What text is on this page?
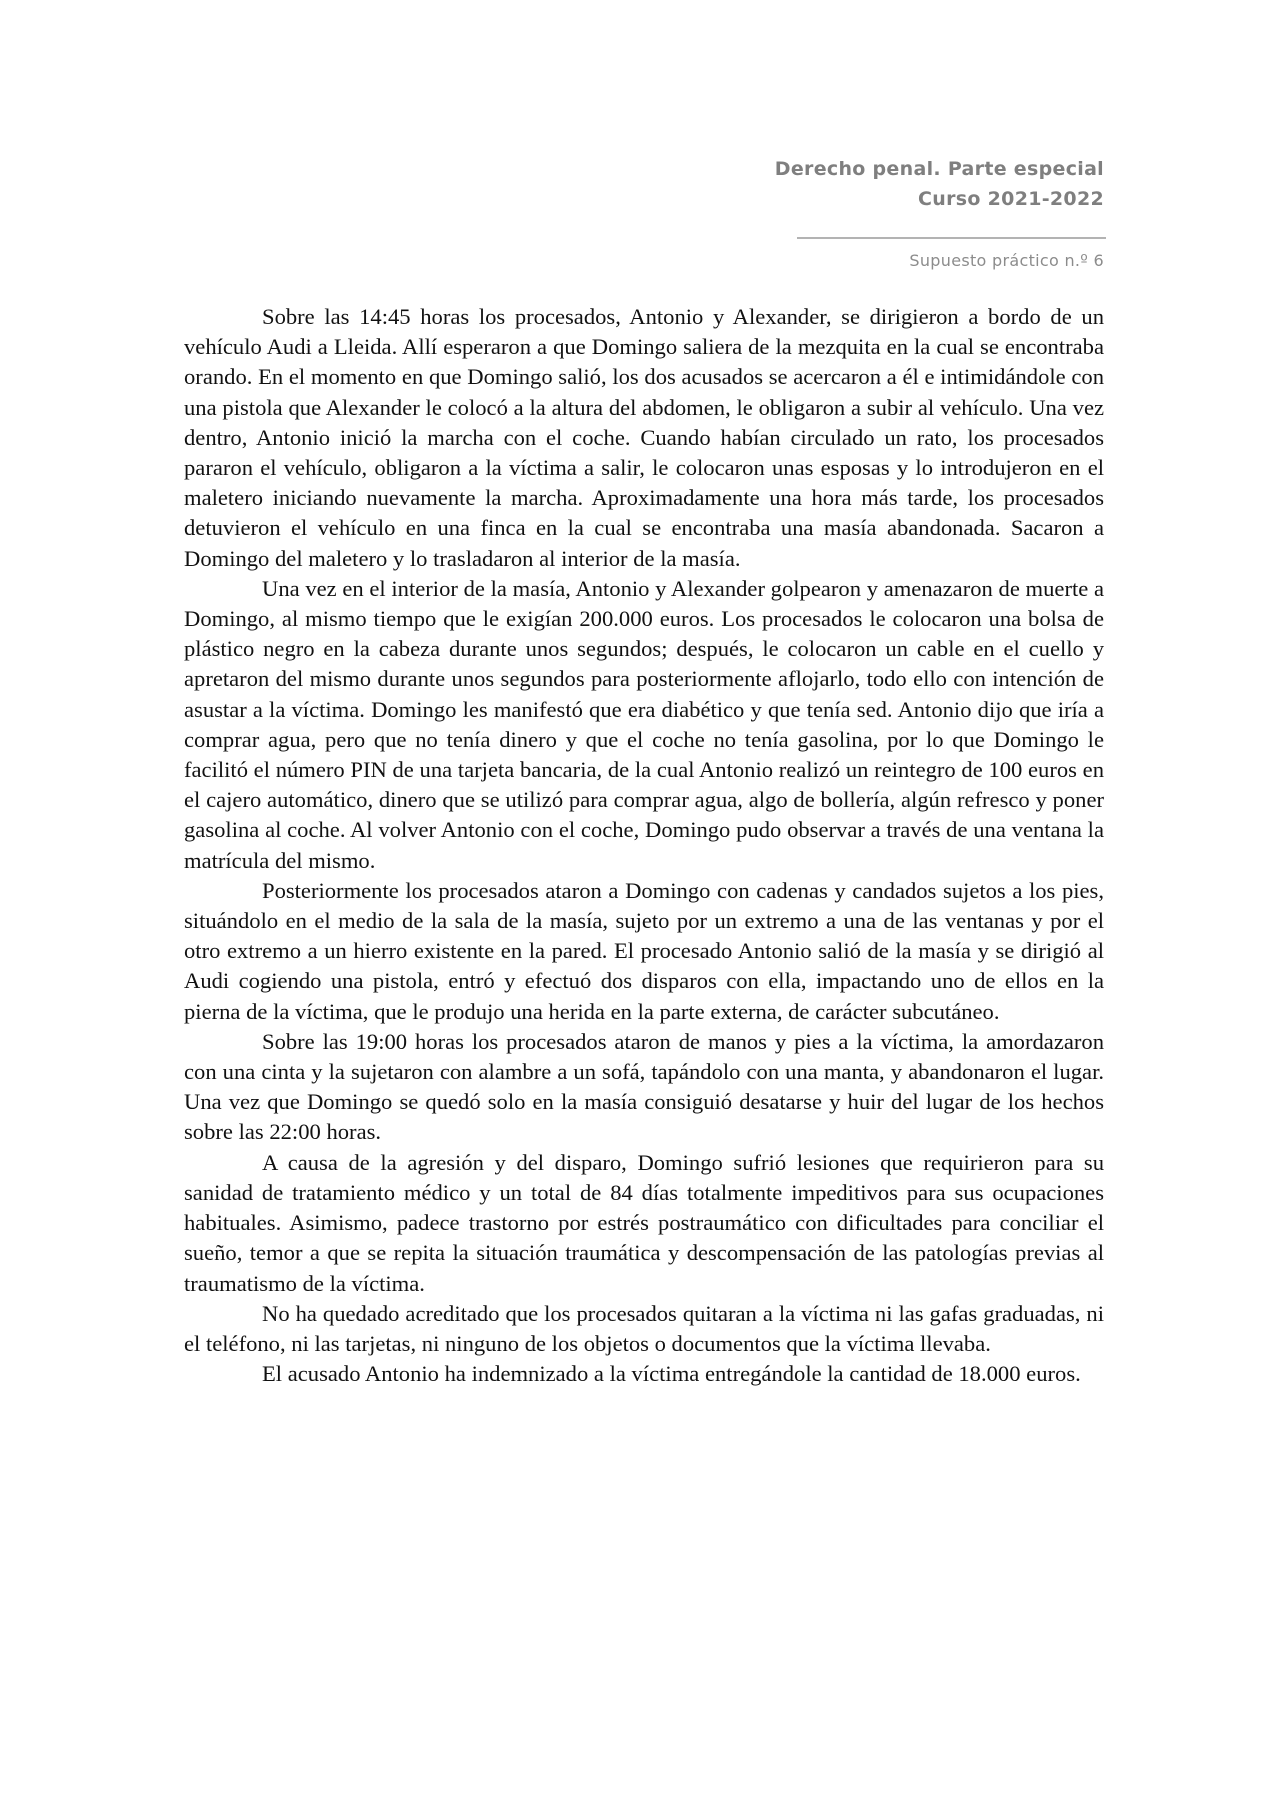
Derecho penal. Parte especial
Curso 2021-2022
Supuesto práctico n.º 6

Sobre las 14:45 horas los procesados, Antonio y Alexander, se dirigieron a bordo de un vehículo Audi a Lleida. Allí esperaron a que Domingo saliera de la mezquita en la cual se encontraba orando. En el momento en que Domingo salió, los dos acusados se acercaron a él e intimidándole con una pistola que Alexander le colocó a la altura del abdomen, le obligaron a subir al vehículo. Una vez dentro, Antonio inició la marcha con el coche. Cuando habían circulado un rato, los procesados pararon el vehículo, obligaron a la víctima a salir, le colocaron unas esposas y lo introdujeron en el maletero iniciando nuevamente la marcha. Aproximadamente una hora más tarde, los procesados detuvieron el vehículo en una finca en la cual se encontraba una masía abandonada. Sacaron a Domingo del maletero y lo trasladaron al interior de la masía.

Una vez en el interior de la masía, Antonio y Alexander golpearon y amenazaron de muerte a Domingo, al mismo tiempo que le exigían 200.000 euros. Los procesados le colocaron una bolsa de plástico negro en la cabeza durante unos segundos; después, le colocaron un cable en el cuello y apretaron del mismo durante unos segundos para posteriormente aflojarlo, todo ello con intención de asustar a la víctima. Domingo les manifestó que era diabético y que tenía sed. Antonio dijo que iría a comprar agua, pero que no tenía dinero y que el coche no tenía gasolina, por lo que Domingo le facilitó el número PIN de una tarjeta bancaria, de la cual Antonio realizó un reintegro de 100 euros en el cajero automático, dinero que se utilizó para comprar agua, algo de bollería, algún refresco y poner gasolina al coche. Al volver Antonio con el coche, Domingo pudo observar a través de una ventana la matrícula del mismo.

Posteriormente los procesados ataron a Domingo con cadenas y candados sujetos a los pies, situándolo en el medio de la sala de la masía, sujeto por un extremo a una de las ventanas y por el otro extremo a un hierro existente en la pared. El procesado Antonio salió de la masía y se dirigió al Audi cogiendo una pistola, entró y efectuó dos disparos con ella, impactando uno de ellos en la pierna de la víctima, que le produjo una herida en la parte externa, de carácter subcutáneo.

Sobre las 19:00 horas los procesados ataron de manos y pies a la víctima, la amordazaron con una cinta y la sujetaron con alambre a un sofá, tapándolo con una manta, y abandonaron el lugar. Una vez que Domingo se quedó solo en la masía consiguió desatarse y huir del lugar de los hechos sobre las 22:00 horas.

A causa de la agresión y del disparo, Domingo sufrió lesiones que requirieron para su sanidad de tratamiento médico y un total de 84 días totalmente impeditivos para sus ocupaciones habituales. Asimismo, padece trastorno por estrés postraumático con dificultades para conciliar el sueño, temor a que se repita la situación traumática y descompensación de las patologías previas al traumatismo de la víctima.

No ha quedado acreditado que los procesados quitaran a la víctima ni las gafas graduadas, ni el teléfono, ni las tarjetas, ni ninguno de los objetos o documentos que la víctima llevaba.

El acusado Antonio ha indemnizado a la víctima entregándole la cantidad de 18.000 euros.
